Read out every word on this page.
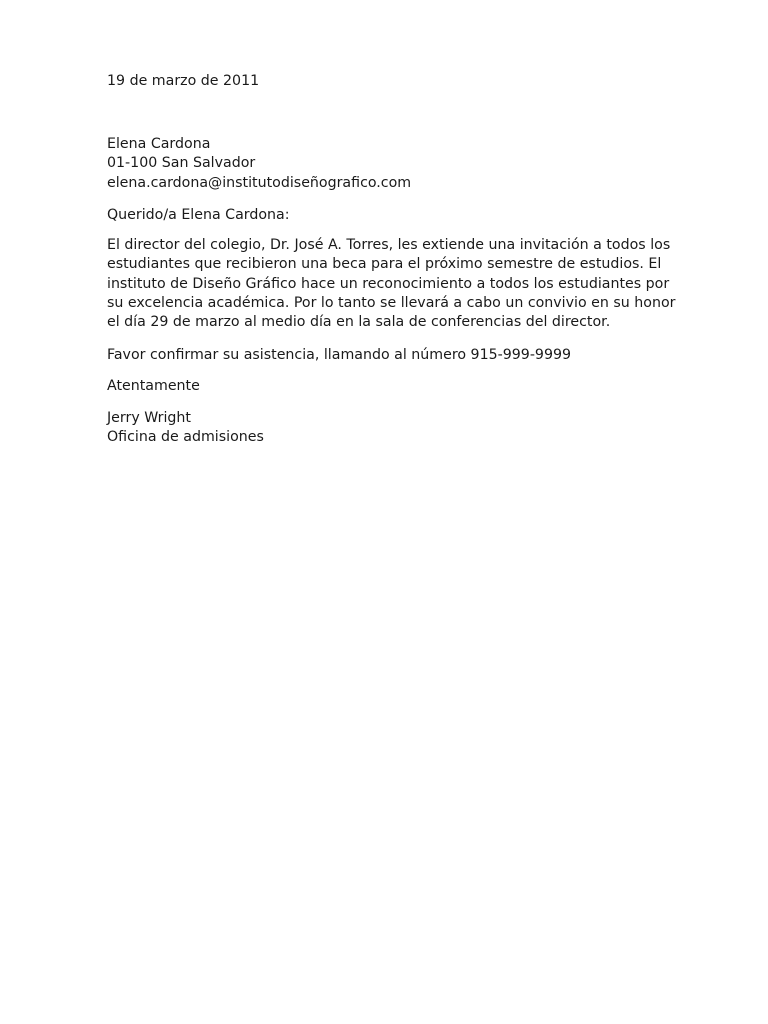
19 de marzo de 2011
Elena Cardona
01-100 San Salvador
elena.cardona@institutodiseñografico.com
Querido/a Elena Cardona:
El director del colegio, Dr. José A. Torres, les extiende una invitación a todos los
estudiantes que recibieron una beca para el próximo semestre de estudios. El
instituto de Diseño Gráfico hace un reconocimiento a todos los estudiantes por
su excelencia académica. Por lo tanto se llevará a cabo un convivio en su honor
el día 29 de marzo al medio día en la sala de conferencias del director.
Favor confirmar su asistencia, llamando al número 915-999-9999
Atentamente
Jerry Wright
Oficina de admisiones
